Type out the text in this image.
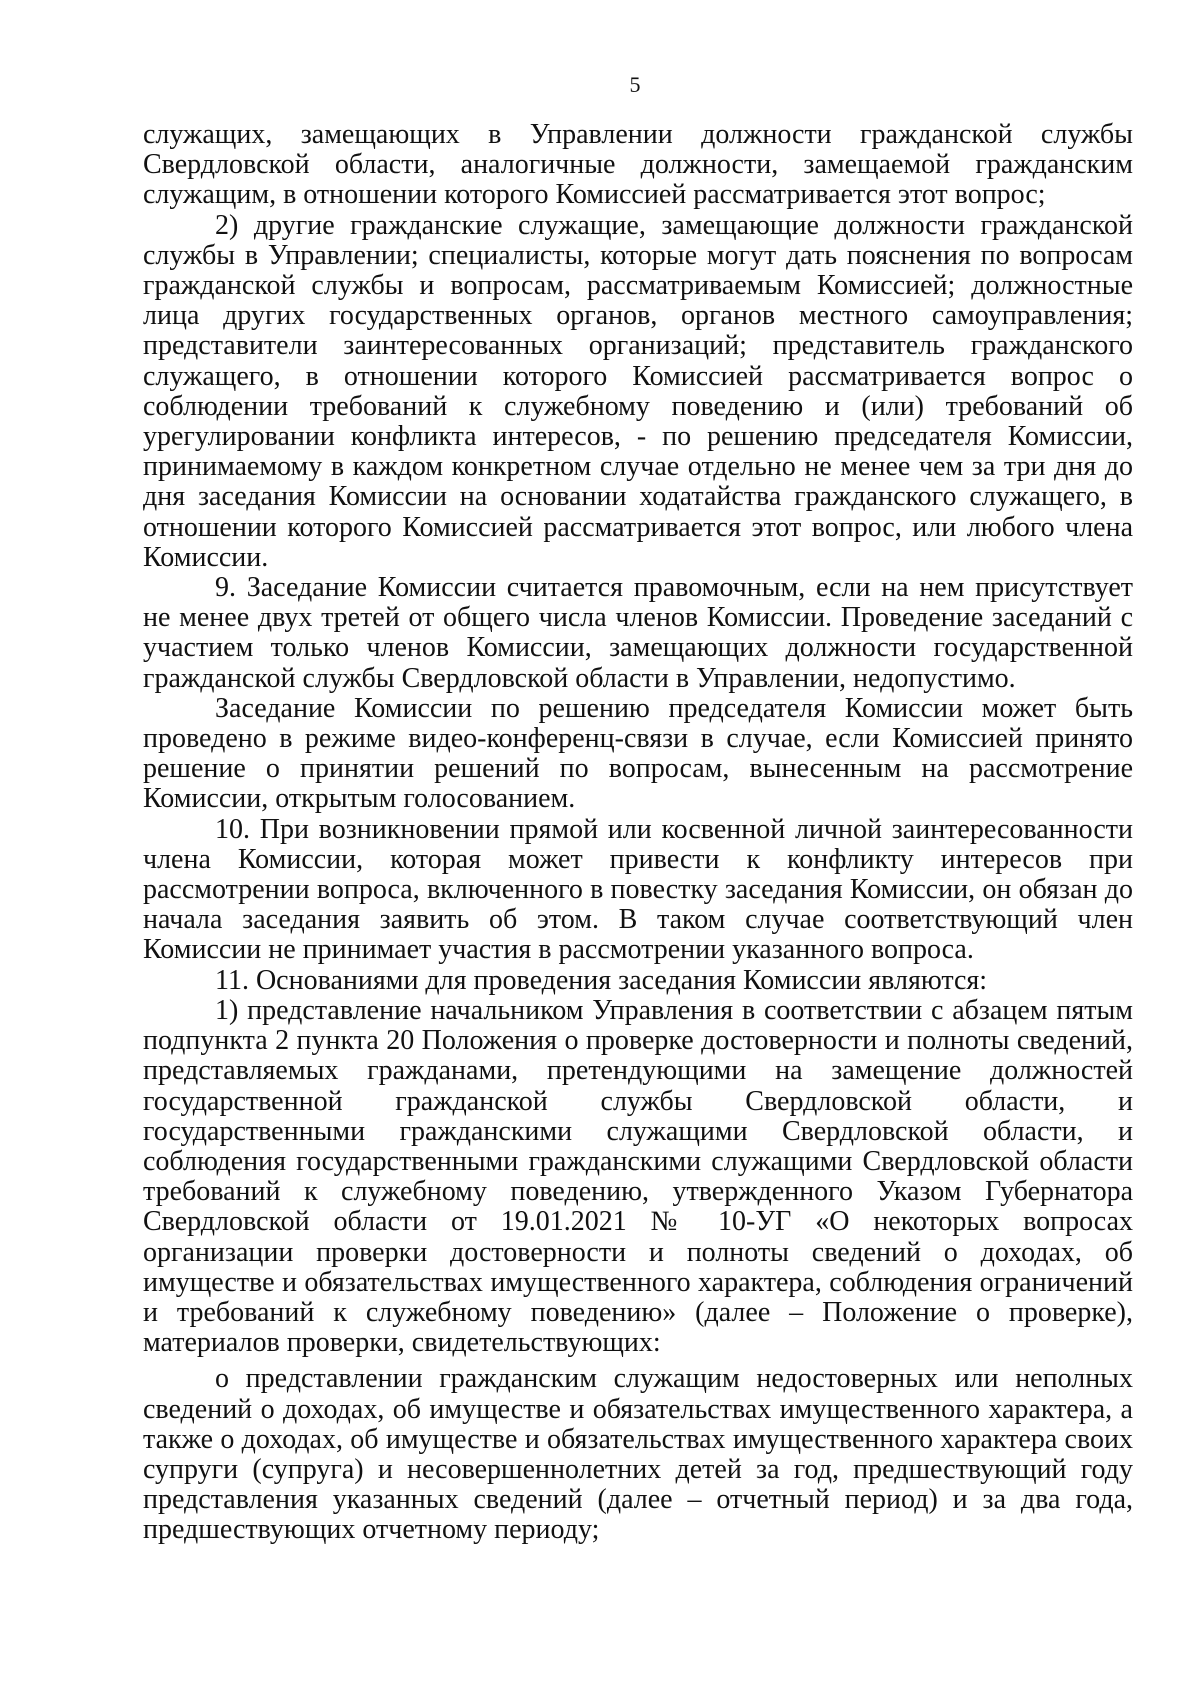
5

служащих, замещающих в Управлении должности гражданской службы Свердловской области, аналогичные должности, замещаемой гражданским служащим, в отношении которого Комиссией рассматривается этот вопрос;

2) другие гражданские служащие, замещающие должности гражданской службы в Управлении; специалисты, которые могут дать пояснения по вопросам гражданской службы и вопросам, рассматриваемым Комиссией; должностные лица других государственных органов, органов местного самоуправления; представители заинтересованных организаций; представитель гражданского служащего, в отношении которого Комиссией рассматривается вопрос о соблюдении требований к служебному поведению и (или) требований об урегулировании конфликта интересов, - по решению председателя Комиссии, принимаемому в каждом конкретном случае отдельно не менее чем за три дня до дня заседания Комиссии на основании ходатайства гражданского служащего, в отношении которого Комиссией рассматривается этот вопрос, или любого члена Комиссии.

9. Заседание Комиссии считается правомочным, если на нем присутствует не менее двух третей от общего числа членов Комиссии. Проведение заседаний с участием только членов Комиссии, замещающих должности государственной гражданской службы Свердловской области в Управлении, недопустимо.

Заседание Комиссии по решению председателя Комиссии может быть проведено в режиме видео-конференц-связи в случае, если Комиссией принято решение о принятии решений по вопросам, вынесенным на рассмотрение Комиссии, открытым голосованием.

10. При возникновении прямой или косвенной личной заинтересованности члена Комиссии, которая может привести к конфликту интересов при рассмотрении вопроса, включенного в повестку заседания Комиссии, он обязан до начала заседания заявить об этом. В таком случае соответствующий член Комиссии не принимает участия в рассмотрении указанного вопроса.

11. Основаниями для проведения заседания Комиссии являются:

1) представление начальником Управления в соответствии с абзацем пятым подпункта 2 пункта 20 Положения о проверке достоверности и полноты сведений, представляемых гражданами, претендующими на замещение должностей государственной гражданской службы Свердловской области, и государственными гражданскими служащими Свердловской области, и соблюдения государственными гражданскими служащими Свердловской области требований к служебному поведению, утвержденного Указом Губернатора Свердловской области от 19.01.2021 № 10-УГ «О некоторых вопросах организации проверки достоверности и полноты сведений о доходах, об имуществе и обязательствах имущественного характера, соблюдения ограничений и требований к служебному поведению» (далее – Положение о проверке), материалов проверки, свидетельствующих:

о представлении гражданским служащим недостоверных или неполных сведений о доходах, об имуществе и обязательствах имущественного характера, а также о доходах, об имуществе и обязательствах имущественного характера своих супруги (супруга) и несовершеннолетних детей за год, предшествующий году представления указанных сведений (далее – отчетный период) и за два года, предшествующих отчетному периоду;
